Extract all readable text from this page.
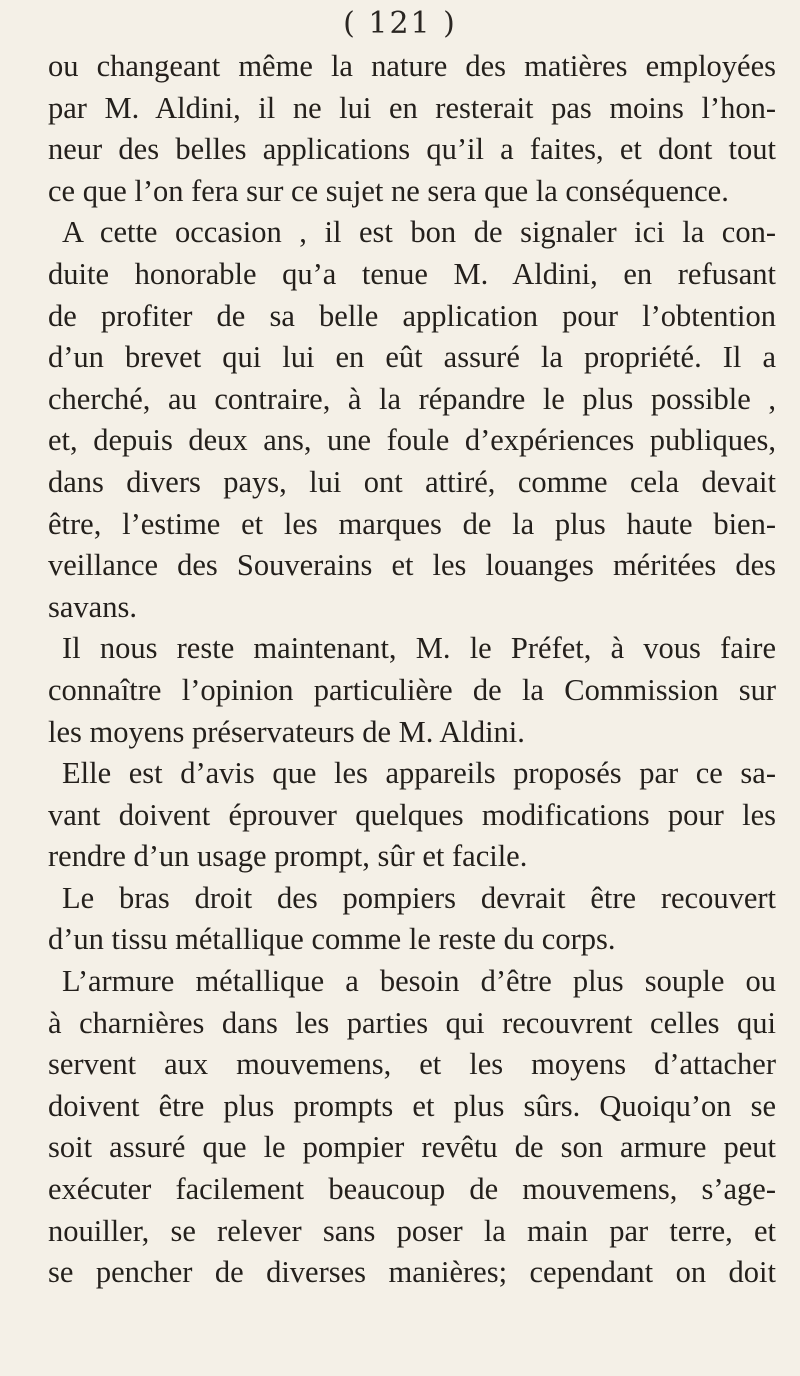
( 121 )
ou changeant même la nature des matières employées
par M. Aldini, il ne lui en resterait pas moins l’hon-
neur des belles applications qu’il a faites, et dont tout
ce que l’on fera sur ce sujet ne sera que la conséquence.
A cette occasion , il est bon de signaler ici la con-
duite honorable qu’a tenue M. Aldini, en refusant
de profiter de sa belle application pour l’obtention
d’un brevet qui lui en eût assuré la propriété. Il a
cherché, au contraire, à la répandre le plus possible ,
et, depuis deux ans, une foule d’expériences publiques,
dans divers pays, lui ont attiré, comme cela devait
être, l’estime et les marques de la plus haute bien-
veillance des Souverains et les louanges méritées des
savans.
Il nous reste maintenant, M. le Préfet, à vous faire
connaître l’opinion particulière de la Commission sur
les moyens préservateurs de M. Aldini.
Elle est d’avis que les appareils proposés par ce sa-
vant doivent éprouver quelques modifications pour les
rendre d’un usage prompt, sûr et facile.
Le bras droit des pompiers devrait être recouvert
d’un tissu métallique comme le reste du corps.
L’armure métallique a besoin d’être plus souple ou
à charnières dans les parties qui recouvrent celles qui
servent aux mouvemens, et les moyens d’attacher
doivent être plus prompts et plus sûrs. Quoiqu’on se
soit assuré que le pompier revêtu de son armure peut
exécuter facilement beaucoup de mouvemens, s’age-
nouiller, se relever sans poser la main par terre, et
se pencher de diverses manières; cependant on doit
